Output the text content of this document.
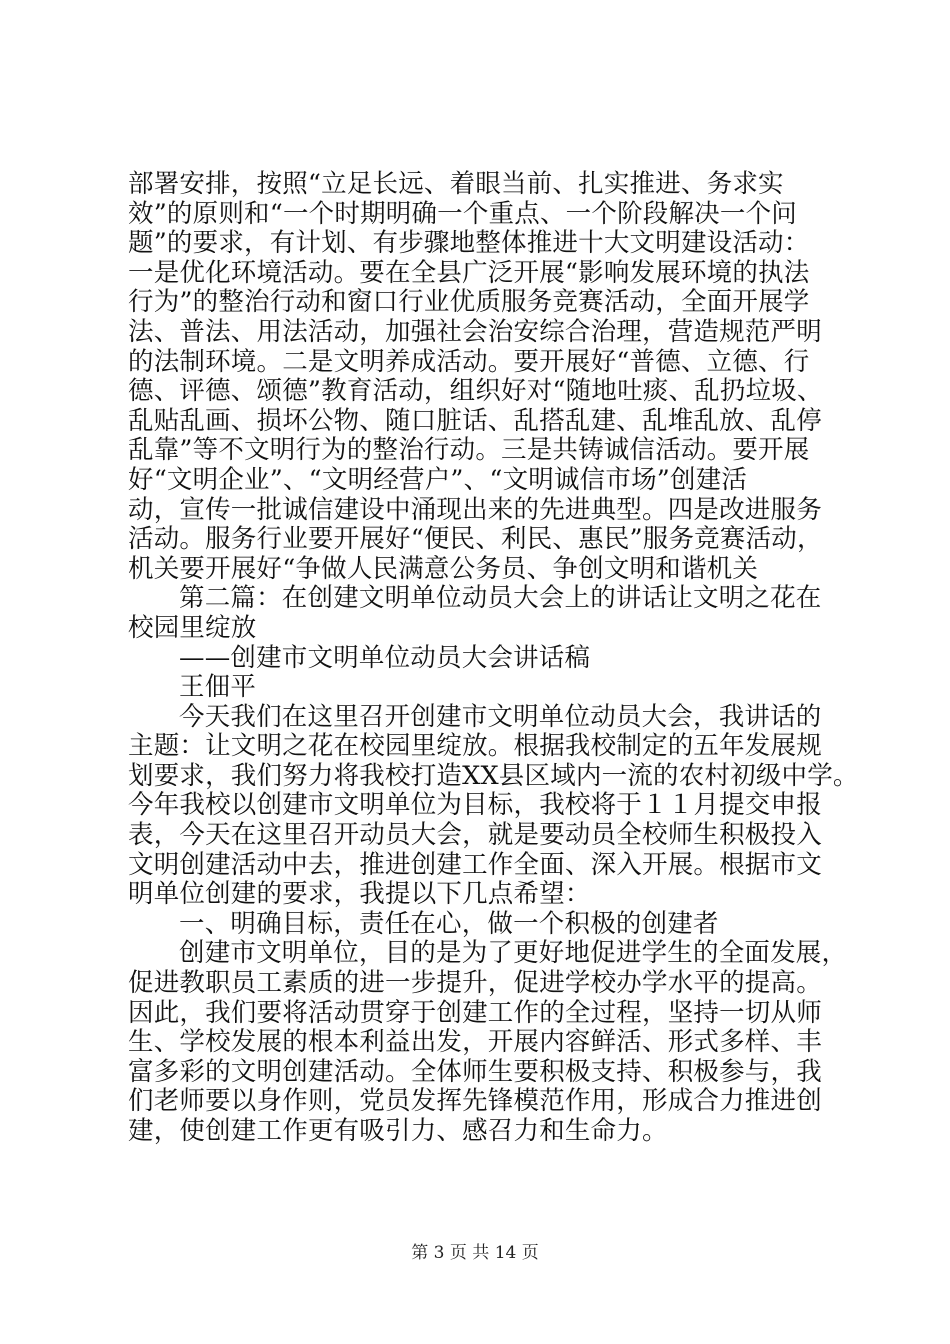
部署安排，按照“立足长远、着眼当前、扎实推进、务求实
效”的原则和“一个时期明确一个重点、一个阶段解决一个问
题”的要求，有计划、有步骤地整体推进十大文明建设活动：
一是优化环境活动。要在全县广泛开展“影响发展环境的执法
行为”的整治行动和窗口行业优质服务竞赛活动，全面开展学
法、普法、用法活动，加强社会治安综合治理，营造规范严明
的法制环境。二是文明养成活动。要开展好“普德、立德、行
德、评德、颂德”教育活动，组织好对“随地吐痰、乱扔垃圾、
乱贴乱画、损坏公物、随口脏话、乱搭乱建、乱堆乱放、乱停
乱靠”等不文明行为的整治行动。三是共铸诚信活动。要开展
好“文明企业”、“文明经营户”、“文明诚信市场”创建活
动，宣传一批诚信建设中涌现出来的先进典型。四是改进服务
活动。服务行业要开展好“便民、利民、惠民”服务竞赛活动，
机关要开展好“争做人民满意公务员、争创文明和谐机关
第二篇：在创建文明单位动员大会上的讲话让文明之花在
校园里绽放
——创建市文明单位动员大会讲话稿
王佃平
今天我们在这里召开创建市文明单位动员大会，我讲话的
主题：让文明之花在校园里绽放。根据我校制定的五年发展规
划要求，我们努力将我校打造XX县区域内一流的农村初级中学。
今年我校以创建市文明单位为目标，我校将于１１月提交申报
表，今天在这里召开动员大会，就是要动员全校师生积极投入
文明创建活动中去，推进创建工作全面、深入开展。根据市文
明单位创建的要求，我提以下几点希望：
一、明确目标，责任在心，做一个积极的创建者
创建市文明单位，目的是为了更好地促进学生的全面发展，
促进教职员工素质的进一步提升，促进学校办学水平的提高。
因此，我们要将活动贯穿于创建工作的全过程，坚持一切从师
生、学校发展的根本利益出发，开展内容鲜活、形式多样、丰
富多彩的文明创建活动。全体师生要积极支持、积极参与，我
们老师要以身作则，党员发挥先锋模范作用，形成合力推进创
建，使创建工作更有吸引力、感召力和生命力。
第 3 页 共 14 页
